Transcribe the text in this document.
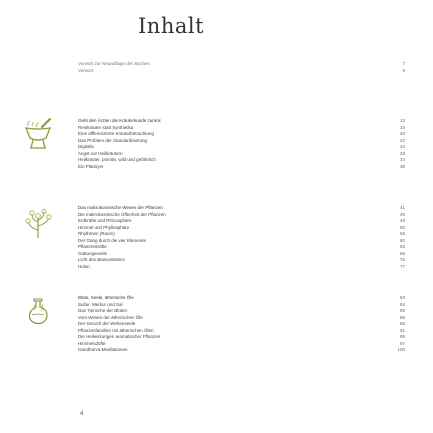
Inhalt
Vorwort zur Neuauflage des Buches	7
Vorwort	9
Geht den Ärzten die Kräuterkunde zurück	13
Reinkräuter statt Synthetika	16
Eine differenzierte Kräuterbetrachtung	20
Das Problem der Standardisierung	22
Digitalis	24
Angst vor Heilkräutern	28
Heilkräuter, primitiv, wild und gefährlich	34
Ein Plädoyer	38
Das makrokosmische Wesen der Pflanzen	41
Die makrokosmische Offenheit der Pflanzen	45
Erdkräfte und Rhizosphäre	48
Himmel und Phyllosphäre	50
Rhythmen (Raum)	56
Der Gang durch die vier Elemente	60
Pflanzenkräfte	63
Gattungsseele	66
Licht des Bewusstseins	75
Holon	77
Blüte, Seele, ätherische Öle	83
Sulfur, Merkur und Sal	84
Das Tierische der Blüten	85
Vom Wesen der ätherischen Öle	86
Der Geruch der Wehenseele	88
Pflanzenfamilien mit ätherischen Ölen	91
Die Heilwirkungen aromatischer Pflanzen	95
Himmelsdüfte	97
Gandharva-Meditationen	100
4
